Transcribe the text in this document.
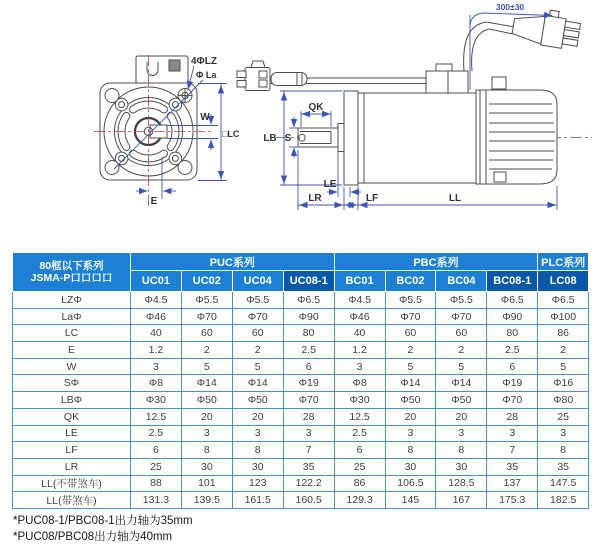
4ΦLZ
Φ La
W
□LC
E
300±30
LB S
QK
LE
LR	LF	LL
80框以下系列
JSMA-P口口口口	PUC系列				PBC系列				PLC系列
	UC01	UC02	UC04	UC08-1	BC01	BC02	BC04	BC08-1	LC08
LZΦ	Φ4.5	Φ5.5	Φ5.5	Φ6.5	Φ4.5	Φ5.5	Φ5.5	Φ6.5	Φ6.5
LaΦ	Φ46	Φ70	Φ70	Φ90	Φ46	Φ70	Φ70	Φ90	Φ100
LC	40	60	60	80	40	60	60	80	86
E	1.2	2	2	2.5	1.2	2	2	2.5	2
W	3	5	5	6	3	5	5	6	5
SΦ	Φ8	Φ14	Φ14	Φ19	Φ8	Φ14	Φ14	Φ19	Φ16
LBΦ	Φ30	Φ50	Φ50	Φ70	Φ30	Φ50	Φ50	Φ70	Φ80
QK	12.5	20	20	28	12.5	20	20	28	25
LE	2.5	3	3	3	2.5	3	3	3	3
LF	6	8	8	7	6	8	8	7	8
LR	25	30	30	35	25	30	30	35	35
LL(不带煞车)	88	101	123	122.2	86	106.5	128.5	137	147.5
LL(带煞车)	131.3	139.5	161.5	160.5	129.3	145	167	175.3	182.5
*PUC08-1/PBC08-1出力轴为35mm
*PUC08/PBC08出力轴为40mm
